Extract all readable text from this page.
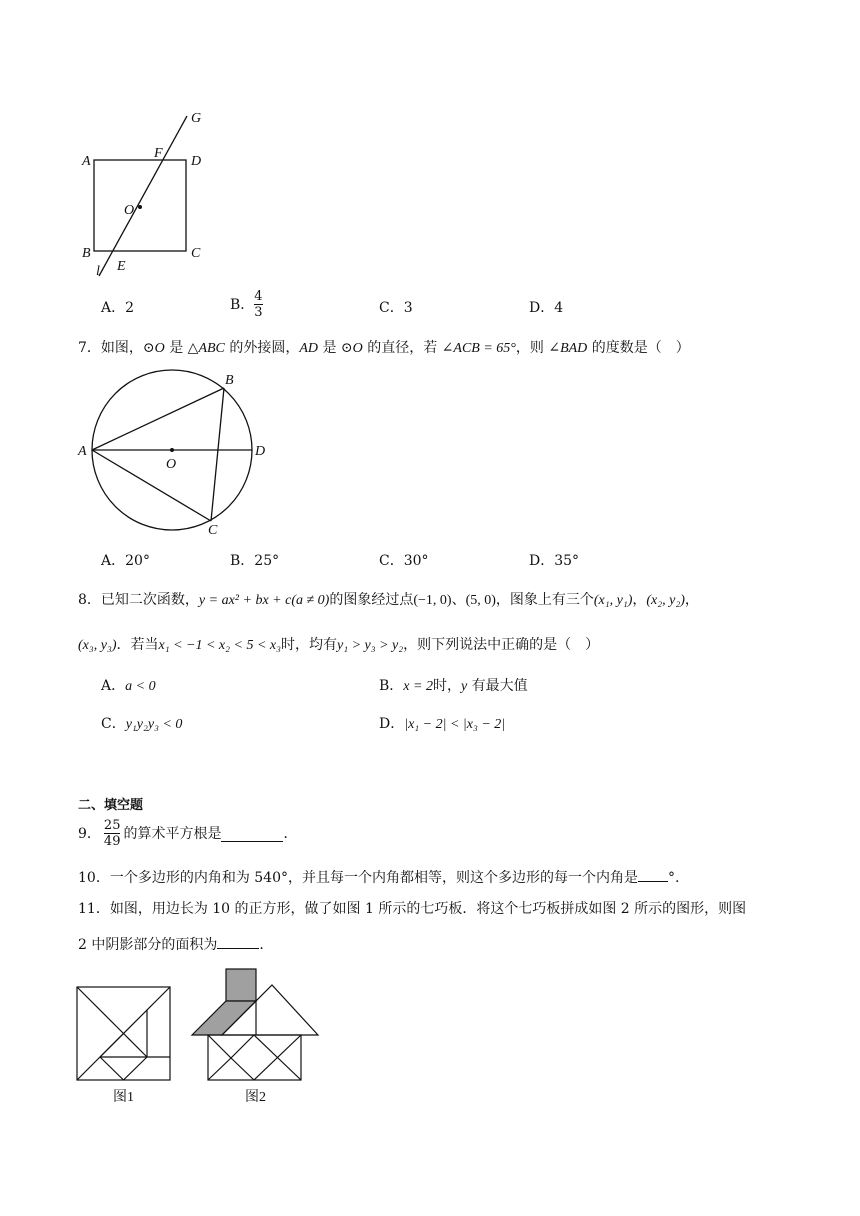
A
B	C
D
E
F
G
O
l
A．2	B． $\frac{4}{3}$	C．3	D．4
7．如图，⊙O 是 △ABC 的外接圆，AD 是 ⊙O 的直径，若 ∠ACB = 65°，则 ∠BAD 的度数是（　）
A
B
C
D
O
A．20°	B．25°	C．30°	D．35°
8．已知二次函数，y = ax² + bx + c(a ≠ 0)的图象经过点(−1, 0)、(5, 0)，图象上有三个(x₁, y₁)，(x₂, y₂)，
(x₃, y₃)．若当x₁ < −1 < x₂ < 5 < x₃时，均有y₁ > y₃ > y₂，则下列说法中正确的是（　）
A．a < 0	B．x = 2时，y 有最大值
C．y₁y₂y₃ < 0	D．|x₁ − 2| < |x₃ − 2|
二、填空题
9． $\frac{25}{49}$ 的算术平方根是	．
10．一个多边形的内角和为 540°，并且每一个内角都相等，则这个多边形的每一个内角是 °.
11．如图，用边长为 10 的正方形，做了如图 1 所示的七巧板．将这个七巧板拼成如图 2 所示的图形，则图
2 中阴影部分的面积为	．
图1	图2
